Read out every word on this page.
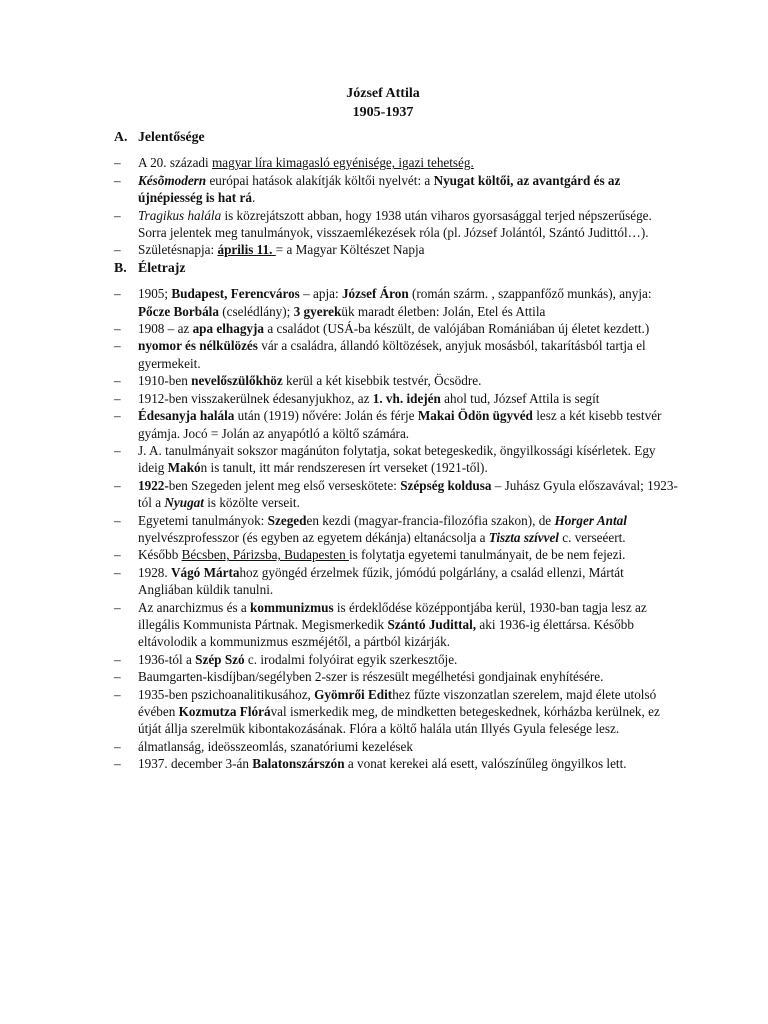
József Attila
1905-1937
A. Jelentősége
– A 20. századi magyar líra kimagasló egyénisége, igazi tehetség.
– Késõmodern európai hatások alakítják költői nyelvét: a Nyugat költői, az avantgárd és az újnépiesség is hat rá.
– Tragikus halála is közrejátszott abban, hogy 1938 után viharos gyorsasággal terjed népszerűsége. Sorra jelentek meg tanulmányok, visszaemlékezések róla (pl. József Jolántól, Szántó Judittól…).
– Születésnapja: április 11. = a Magyar Költészet Napja
B. Életrajz
– 1905; Budapest, Ferencváros – apja: József Áron (román szárm. , szappanfőző munkás), anyja: Pőcze Borbála (cselédlány); 3 gyerekük maradt életben: Jolán, Etel és Attila
– 1908 – az apa elhagyja a családot (USÁ-ba készült, de valójában Romániában új életet kezdett.)
– nyomor és nélkülözés vár a családra, állandó költözések, anyjuk mosásból, takarításból tartja el gyermekeit.
– 1910-ben nevelőszülőkhöz kerül a két kisebbik testvér, Öcsödre.
– 1912-ben visszakerülnek édesanyjukhoz, az 1. vh. idején ahol tud, József Attila is segít
– Édesanyja halála után (1919) nővére: Jolán és férje Makai Ödön ügyvéd lesz a két kisebb testvér gyámja. Jocó = Jolán az anyapótló a költő számára.
– J. A. tanulmányait sokszor magánúton folytatja, sokat betegeskedik, öngyilkossági kísérletek. Egy ideig Makón is tanult, itt már rendszeresen írt verseket (1921-től).
– 1922-ben Szegeden jelent meg első verseskötete: Szépség koldusa – Juhász Gyula előszavával; 1923-tól a Nyugat is közölte verseit.
– Egyetemi tanulmányok: Szegeden kezdi (magyar-francia-filozófia szakon), de Horger Antal nyelvészprofesszor (és egyben az egyetem dékánja) eltanácsolja a Tiszta szívvel c. verseéert.
– Később Bécsben, Párizsba, Budapesten is folytatja egyetemi tanulmányait, de be nem fejezi.
– 1928. Vágó Mártahoz gyöngéd érzelmek fűzik, jómódú polgárlány, a család ellenzi, Mártát Angliában küldik tanulni.
– Az anarchizmus és a kommunizmus is érdeklődése középpontjába kerül, 1930-ban tagja lesz az illegális Kommunista Pártnak. Megismerkedik Szántó Judittal, aki 1936-ig élettársa. Később eltávolodik a kommunizmus eszméjétől, a pártból kizárják.
– 1936-tól a Szép Szó c. irodalmi folyóirat egyik szerkesztője.
– Baumgarten-kisdíjban/segélyben 2-szer is részesült megélhetési gondjainak enyhítésére.
– 1935-ben pszichoanalitikusához, Gyömrői Edithez fűzte viszonzatlan szerelem, majd élete utolsó évében Kozmutza Flórával ismerkedik meg, de mindketten betegeskednek, kórházba kerülnek, ez útját állja szerelmük kibontakozásának. Flóra a költő halála után Illyés Gyula felesége lesz.
– álmatlanság, ideösszeomlás, szanatóriumi kezelések
– 1937. december 3-án Balatonszárszón a vonat kerekei alá esett, valószínűleg öngyilkos lett.
